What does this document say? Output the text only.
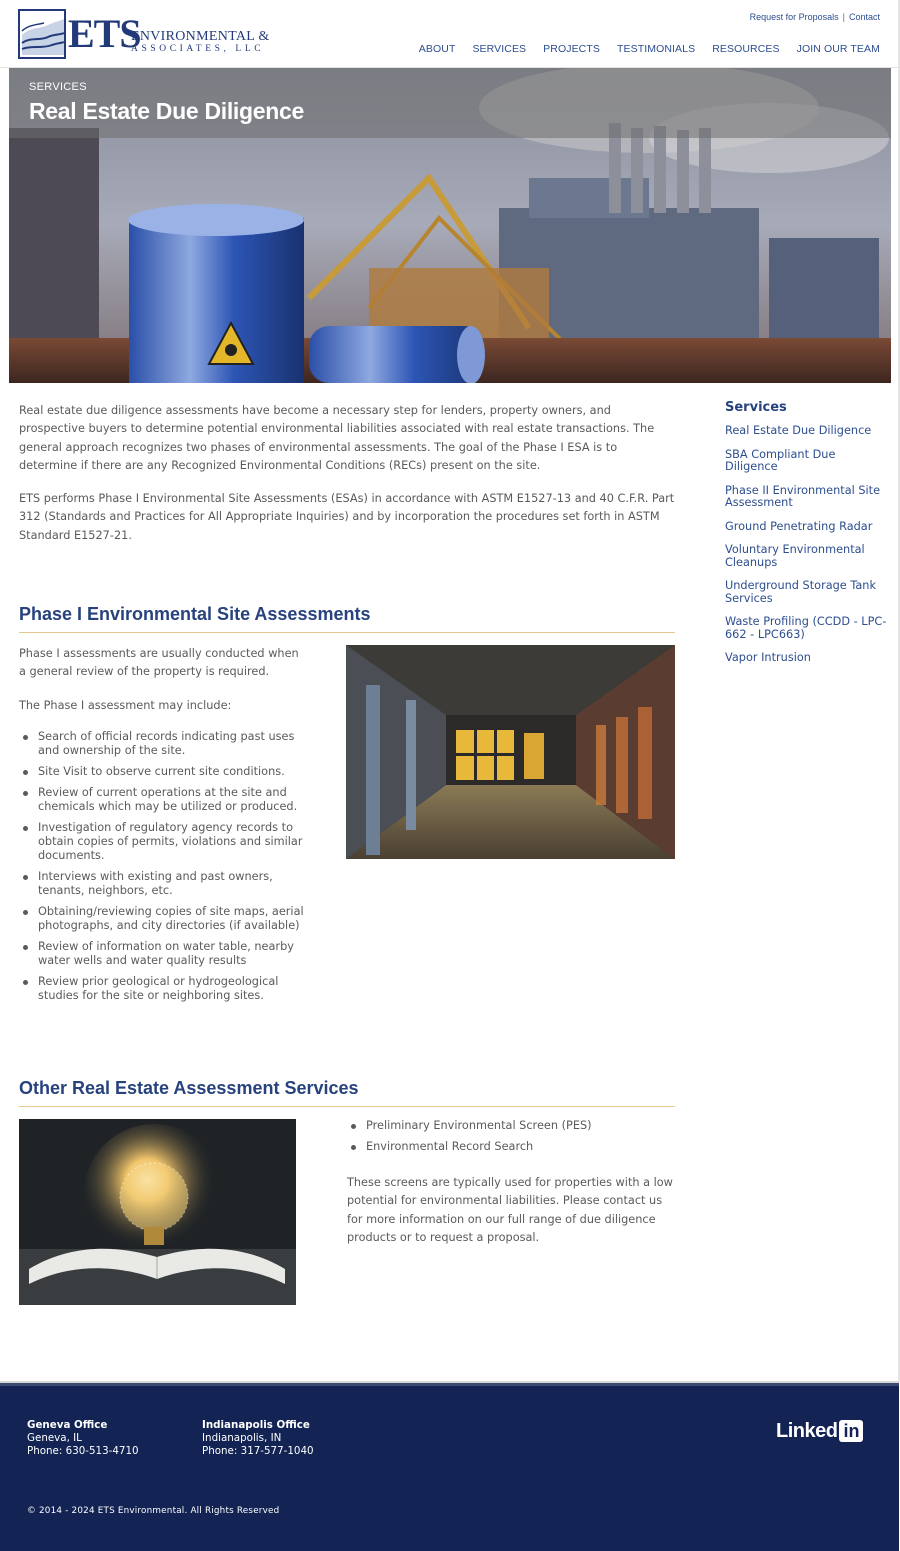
ETS
ENVIRONMENTAL &
ASSOCIATES, LLC
Request for Proposals | Contact
ABOUT SERVICES PROJECTS TESTIMONIALS RESOURCES JOIN OUR TEAM
SERVICES
Real Estate Due Diligence

Real estate due diligence assessments have become a necessary step for lenders, property owners, and prospective buyers to determine potential environmental liabilities associated with real estate transactions. The general approach recognizes two phases of environmental assessments. The goal of the Phase I ESA is to determine if there are any Recognized Environmental Conditions (RECs) present on the site.

ETS performs Phase I Environmental Site Assessments (ESAs) in accordance with ASTM E1527-13 and 40 C.F.R. Part 312 (Standards and Practices for All Appropriate Inquiries) and by incorporation the procedures set forth in ASTM Standard E1527-21.

Phase I Environmental Site Assessments

Phase I assessments are usually conducted when a general review of the property is required.

The Phase I assessment may include:

Search of official records indicating past uses and ownership of the site.
Site Visit to observe current site conditions.
Review of current operations at the site and chemicals which may be utilized or produced.
Investigation of regulatory agency records to obtain copies of permits, violations and similar documents.
Interviews with existing and past owners, tenants, neighbors, etc.
Obtaining/reviewing copies of site maps, aerial photographs, and city directories (if available)
Review of information on water table, nearby water wells and water quality results
Review prior geological or hydrogeological studies for the site or neighboring sites.
Other Real Estate Assessment Services
Preliminary Environmental Screen (PES)
Environmental Record Search

These screens are typically used for properties with a low potential for environmental liabilities. Please contact us for more information on our full range of due diligence products or to request a proposal.

Services
Real Estate Due Diligence
SBA Compliant Due Diligence
Phase II Environmental Site Assessment
Ground Penetrating Radar
Voluntary Environmental Cleanups
Underground Storage Tank Services
Waste Profiling (CCDD - LPC-662 - LPC663)
Vapor Intrusion
Geneva Office
Geneva, IL
Phone: 630-513-4710
Indianapolis Office
Indianapolis, IN
Phone: 317-577-1040
Linked in
© 2014 - 2024 ETS Environmental. All Rights Reserved
